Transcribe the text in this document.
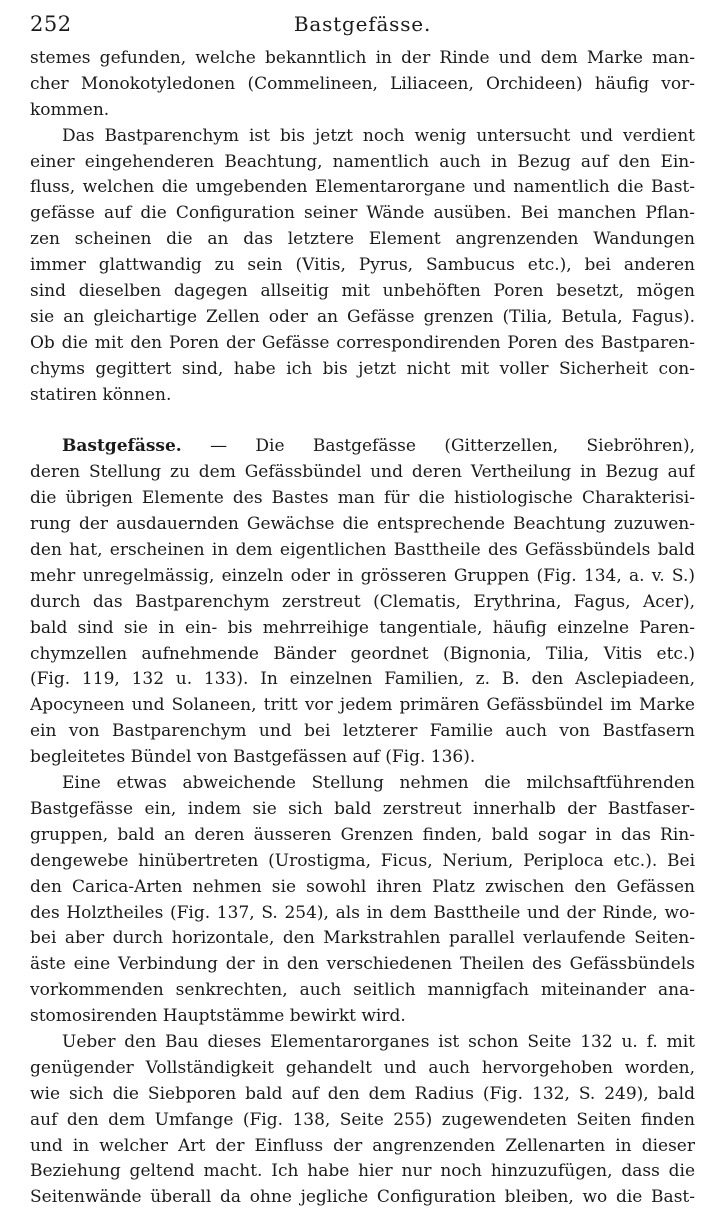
252	Bastgefässe.
stemes gefunden, welche bekanntlich in der Rinde und dem Marke man-
cher Monokotyledonen (Commelineen, Liliaceen, Orchideen) häufig vor-
kommen.
Das Bastparenchym ist bis jetzt noch wenig untersucht und verdient
einer eingehenderen Beachtung, namentlich auch in Bezug auf den Ein-
fluss, welchen die umgebenden Elementarorgane und namentlich die Bast-
gefässe auf die Configuration seiner Wände ausüben. Bei manchen Pflan-
zen scheinen die an das letztere Element angrenzenden Wandungen
immer glattwandig zu sein (Vitis, Pyrus, Sambucus etc.), bei anderen
sind dieselben dagegen allseitig mit unbehöften Poren besetzt, mögen
sie an gleichartige Zellen oder an Gefässe grenzen (Tilia, Betula, Fagus).
Ob die mit den Poren der Gefässe correspondirenden Poren des Bastparen-
chyms gegittert sind, habe ich bis jetzt nicht mit voller Sicherheit con-
statiren können.
Bastgefässe. — Die Bastgefässe (Gitterzellen, Siebröhren),
deren Stellung zu dem Gefässbündel und deren Vertheilung in Bezug auf
die übrigen Elemente des Bastes man für die histiologische Charakterisi-
rung der ausdauernden Gewächse die entsprechende Beachtung zuzuwen-
den hat, erscheinen in dem eigentlichen Basttheile des Gefässbündels bald
mehr unregelmässig, einzeln oder in grösseren Gruppen (Fig. 134, a. v. S.)
durch das Bastparenchym zerstreut (Clematis, Erythrina, Fagus, Acer),
bald sind sie in ein- bis mehrreihige tangentiale, häufig einzelne Paren-
chymzellen aufnehmende Bänder geordnet (Bignonia, Tilia, Vitis etc.)
(Fig. 119, 132 u. 133). In einzelnen Familien, z. B. den Asclepiadeen,
Apocyneen und Solaneen, tritt vor jedem primären Gefässbündel im Marke
ein von Bastparenchym und bei letzterer Familie auch von Bastfasern
begleitetes Bündel von Bastgefässen auf (Fig. 136).
Eine etwas abweichende Stellung nehmen die milchsaftführenden
Bastgefässe ein, indem sie sich bald zerstreut innerhalb der Bastfaser-
gruppen, bald an deren äusseren Grenzen finden, bald sogar in das Rin-
dengewebe hinübertreten (Urostigma, Ficus, Nerium, Periploca etc.). Bei
den Carica-Arten nehmen sie sowohl ihren Platz zwischen den Gefässen
des Holztheiles (Fig. 137, S. 254), als in dem Basttheile und der Rinde, wo-
bei aber durch horizontale, den Markstrahlen parallel verlaufende Seiten-
äste eine Verbindung der in den verschiedenen Theilen des Gefässbündels
vorkommenden senkrechten, auch seitlich mannigfach miteinander ana-
stomosirenden Hauptstämme bewirkt wird.
Ueber den Bau dieses Elementarorganes ist schon Seite 132 u. f. mit
genügender Vollständigkeit gehandelt und auch hervorgehoben worden,
wie sich die Siebporen bald auf den dem Radius (Fig. 132, S. 249), bald
auf den dem Umfange (Fig. 138, Seite 255) zugewendeten Seiten finden
und in welcher Art der Einfluss der angrenzenden Zellenarten in dieser
Beziehung geltend macht. Ich habe hier nur noch hinzuzufügen, dass die
Seitenwände überall da ohne jegliche Configuration bleiben, wo die Bast-
